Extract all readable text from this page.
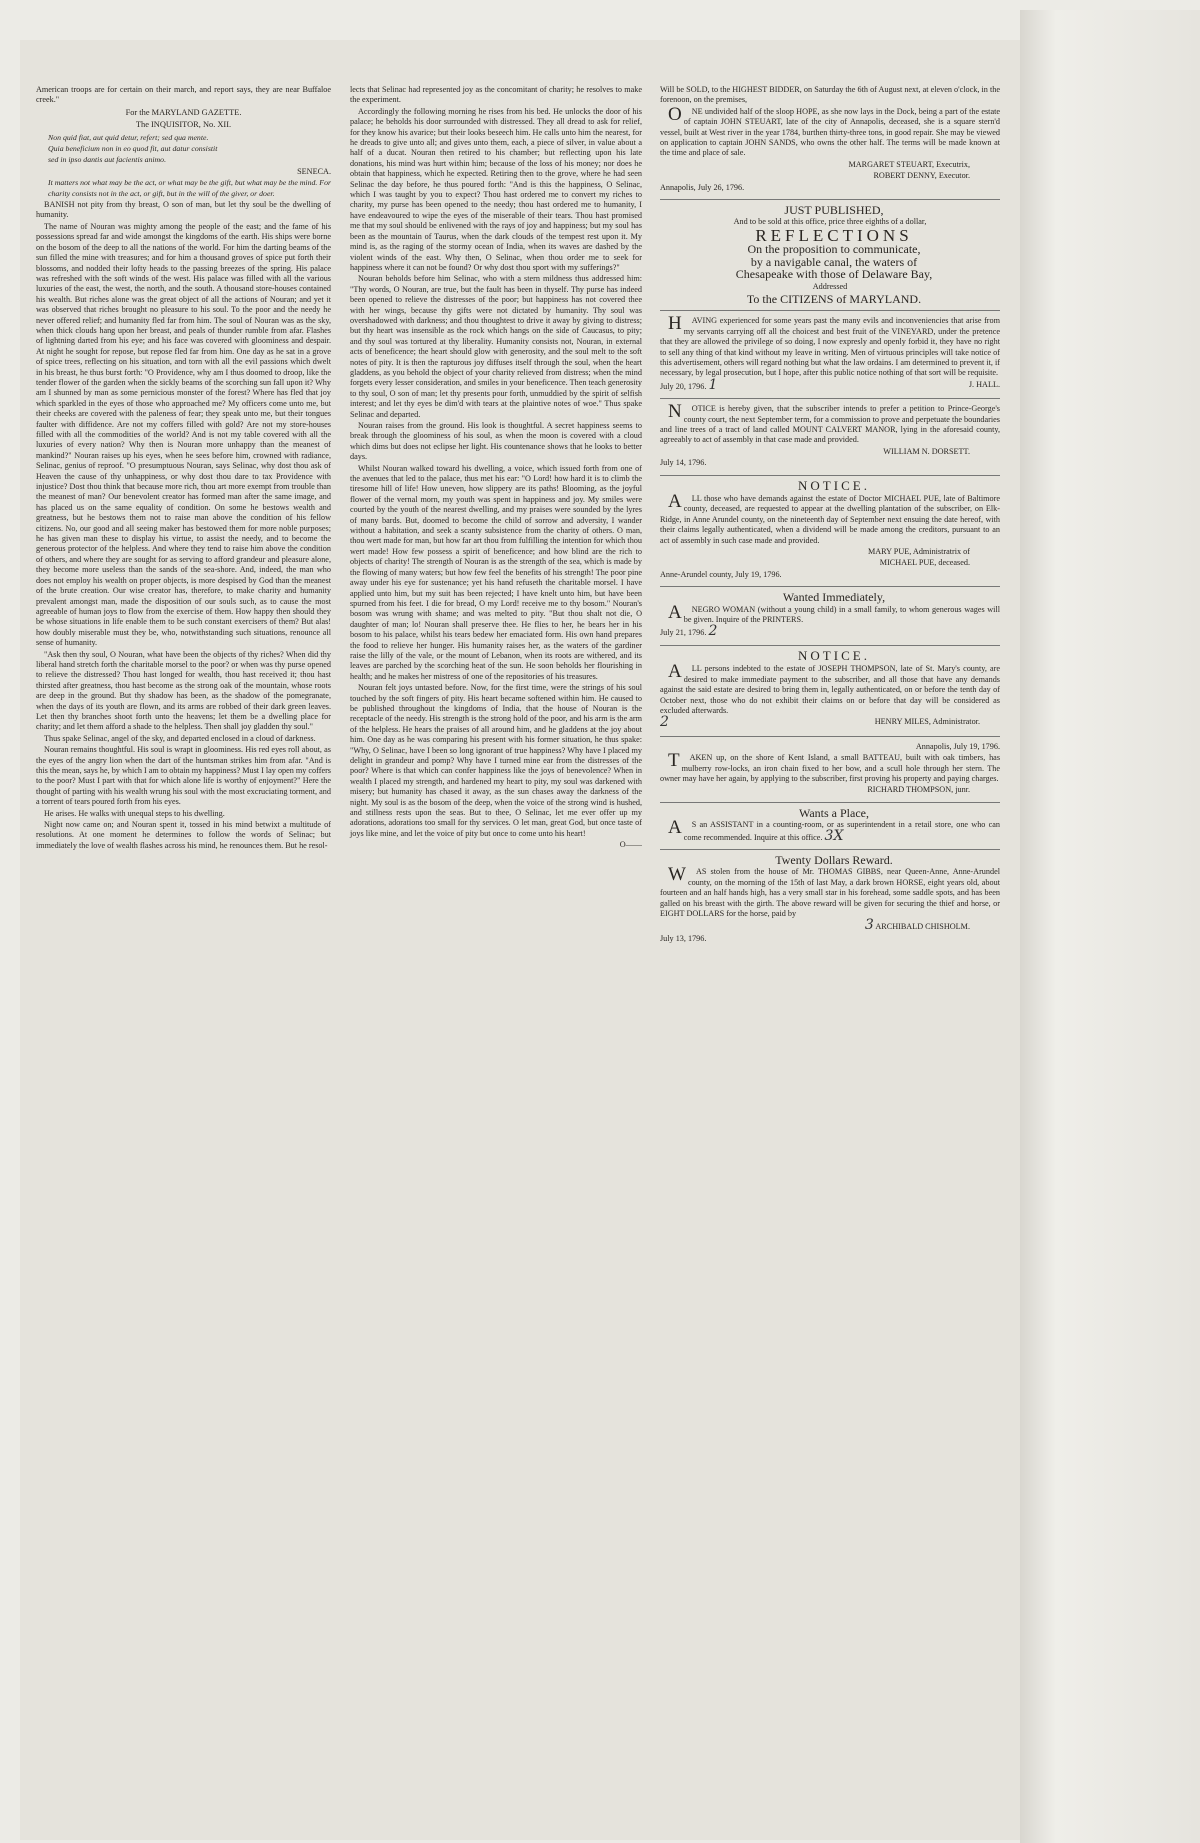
American troops are for certain on their march, and report says, they are near Buffaloe creek."

For the MARYLAND GAZETTE.
The INQUISITOR, No. XII.

Non quid fiat, aut quid detur, refert; sed qua mente.

Quia beneficium non in eo quod fit, aut datur consistit

sed in ipso dantis aut facientis animo.

SENECA.

It matters not what may be the act, or what may be the gift, but what may be the mind. For charity consists not in the act, or gift, but in the will of the giver, or doer.

BANISH not pity from thy breast, O son of man, but let thy soul be the dwelling of humanity.

The name of Nouran was mighty among the people of the east; and the fame of his possessions spread far and wide amongst the kingdoms of the earth. His ships were borne on the bosom of the deep to all the nations of the world. For him the darting beams of the sun filled the mine with treasures; and for him a thousand groves of spice put forth their blossoms, and nodded their lofty heads to the passing breezes of the spring. His palace was refreshed with the soft winds of the west. His palace was filled with all the various luxuries of the east, the west, the north, and the south. A thousand store-houses contained his wealth. But riches alone was the great object of all the actions of Nouran; and yet it was observed that riches brought no pleasure to his soul. To the poor and the needy he never offered relief; and humanity fled far from him. The soul of Nouran was as the sky, when thick clouds hang upon her breast, and peals of thunder rumble from afar. Flashes of lightning darted from his eye; and his face was covered with gloominess and despair. At night he sought for repose, but repose fled far from him. One day as he sat in a grove of spice trees, reflecting on his situation, and torn with all the evil passions which dwelt in his breast, he thus burst forth: "O Providence, why am I thus doomed to droop, like the tender flower of the garden when the sickly beams of the scorching sun fall upon it? Why am I shunned by man as some pernicious monster of the forest? Where has fled that joy which sparkled in the eyes of those who approached me? My officers come unto me, but their cheeks are covered with the paleness of fear; they speak unto me, but their tongues faulter with diffidence. Are not my coffers filled with gold? Are not my store-houses filled with all the commodities of the world? And is not my table covered with all the luxuries of every nation? Why then is Nouran more unhappy than the meanest of mankind?" Nouran raises up his eyes, when he sees before him, crowned with radiance, Selinac, genius of reproof. "O presumptuous Nouran, says Selinac, why dost thou ask of Heaven the cause of thy unhappiness, or why dost thou dare to tax Providence with injustice? Dost thou think that because more rich, thou art more exempt from trouble than the meanest of man? Our benevolent creator has formed man after the same image, and has placed us on the same equality of condition. On some he bestows wealth and greatness, but he bestows them not to raise man above the condition of his fellow citizens. No, our good and all seeing maker has bestowed them for more noble purposes; he has given man these to display his virtue, to assist the needy, and to become the generous protector of the helpless. And where they tend to raise him above the condition of others, and where they are sought for as serving to afford grandeur and pleasure alone, they become more useless than the sands of the sea-shore. And, indeed, the man who does not employ his wealth on proper objects, is more despised by God than the meanest of the brute creation. Our wise creator has, therefore, to make charity and humanity prevalent amongst man, made the disposition of our souls such, as to cause the most agreeable of human joys to flow from the exercise of them. How happy then should they be whose situations in life enable them to be such constant exercisers of them? But alas! how doubly miserable must they be, who, notwithstanding such situations, renounce all sense of humanity.

"Ask then thy soul, O Nouran, what have been the objects of thy riches? When did thy liberal hand stretch forth the charitable morsel to the poor? or when was thy purse opened to relieve the distressed? Thou hast longed for wealth, thou hast received it; thou hast thirsted after greatness, thou hast become as the strong oak of the mountain, whose roots are deep in the ground. But thy shadow has been, as the shadow of the pomegranate, when the days of its youth are flown, and its arms are robbed of their dark green leaves. Let then thy branches shoot forth unto the heavens; let them be a dwelling place for charity; and let them afford a shade to the helpless. Then shall joy gladden thy soul."

Thus spake Selinac, angel of the sky, and departed enclosed in a cloud of darkness.

Nouran remains thoughtful. His soul is wrapt in gloominess. His red eyes roll about, as the eyes of the angry lion when the dart of the huntsman strikes him from afar. "And is this the mean, says he, by which I am to obtain my happiness? Must I lay open my coffers to the poor? Must I part with that for which alone life is worthy of enjoyment?" Here the thought of parting with his wealth wrung his soul with the most excruciating torment, and a torrent of tears poured forth from his eyes.

He arises. He walks with unequal steps to his dwelling.

Night now came on; and Nouran spent it, tossed in his mind betwixt a multitude of resolutions. At one moment he determines to follow the words of Selinac; but immediately the love of wealth flashes across his mind, he renounces them. But he resol-

lects that Selinac had represented joy as the concomitant of charity; he resolves to make the experiment.

Accordingly the following morning he rises from his bed. He unlocks the door of his palace; he beholds his door surrounded with distressed. They all dread to ask for relief, for they know his avarice; but their looks beseech him. He calls unto him the nearest, for he dreads to give unto all; and gives unto them, each, a piece of silver, in value about a half of a ducat. Nouran then retired to his chamber; but reflecting upon his late donations, his mind was hurt within him; because of the loss of his money; nor does he obtain that happiness, which he expected. Retiring then to the grove, where he had seen Selinac the day before, he thus poured forth: "And is this the happiness, O Selinac, which I was taught by you to expect? Thou hast ordered me to convert my riches to charity, my purse has been opened to the needy; thou hast ordered me to humanity, I have endeavoured to wipe the eyes of the miserable of their tears. Thou hast promised me that my soul should be enlivened with the rays of joy and happiness; but my soul has been as the mountain of Taurus, when the dark clouds of the tempest rest upon it. My mind is, as the raging of the stormy ocean of India, when its waves are dashed by the violent winds of the east. Why then, O Selinac, when thou order me to seek for happiness where it can not be found? Or why dost thou sport with my sufferings?"

Nouran beholds before him Selinac, who with a stern mildness thus addressed him: "Thy words, O Nouran, are true, but the fault has been in thyself. Thy purse has indeed been opened to relieve the distresses of the poor; but happiness has not covered thee with her wings, because thy gifts were not dictated by humanity. Thy soul was overshadowed with darkness; and thou thoughtest to drive it away by giving to distress; but thy heart was insensible as the rock which hangs on the side of Caucasus, to pity; and thy soul was tortured at thy liberality. Humanity consists not, Nouran, in external acts of beneficence; the heart should glow with generosity, and the soul melt to the soft notes of pity. It is then the rapturous joy diffuses itself through the soul, when the heart gladdens, as you behold the object of your charity relieved from distress; when the mind forgets every lesser consideration, and smiles in your beneficence. Then teach generosity to thy soul, O son of man; let thy presents pour forth, unmuddied by the spirit of selfish interest; and let thy eyes be dim'd with tears at the plaintive notes of woe." Thus spake Selinac and departed.

Nouran raises from the ground. His look is thoughtful. A secret happiness seems to break through the gloominess of his soul, as when the moon is covered with a cloud which dims but does not eclipse her light. His countenance shows that he looks to better days.

Whilst Nouran walked toward his dwelling, a voice, which issued forth from one of the avenues that led to the palace, thus met his ear: "O Lord! how hard it is to climb the tiresome hill of life! How uneven, how slippery are its paths! Blooming, as the joyful flower of the vernal morn, my youth was spent in happiness and joy. My smiles were courted by the youth of the nearest dwelling, and my praises were sounded by the lyres of many bards. But, doomed to become the child of sorrow and adversity, I wander without a habitation, and seek a scanty subsistence from the charity of others. O man, thou wert made for man, but how far art thou from fulfilling the intention for which thou wert made! How few possess a spirit of beneficence; and how blind are the rich to objects of charity! The strength of Nouran is as the strength of the sea, which is made by the flowing of many waters; but how few feel the benefits of his strength! The poor pine away under his eye for sustenance; yet his hand refuseth the charitable morsel. I have applied unto him, but my suit has been rejected; I have knelt unto him, but have been spurned from his feet. I die for bread, O my Lord! receive me to thy bosom." Nouran's bosom was wrung with shame; and was melted to pity. "But thou shalt not die, O daughter of man; lo! Nouran shall preserve thee. He flies to her, he bears her in his bosom to his palace, whilst his tears bedew her emaciated form. His own hand prepares the food to relieve her hunger. His humanity raises her, as the waters of the gardiner raise the lilly of the vale, or the mount of Lebanon, when its roots are withered, and its leaves are parched by the scorching heat of the sun. He soon beholds her flourishing in health; and he makes her mistress of one of the repositories of his treasures.

Nouran felt joys untasted before. Now, for the first time, were the strings of his soul touched by the soft fingers of pity. His heart became softened within him. He caused to be published throughout the kingdoms of India, that the house of Nouran is the receptacle of the needy. His strength is the strong hold of the poor, and his arm is the arm of the helpless. He hears the praises of all around him, and he gladdens at the joy about him. One day as he was comparing his present with his former situation, he thus spake: "Why, O Selinac, have I been so long ignorant of true happiness? Why have I placed my delight in grandeur and pomp? Why have I turned mine ear from the distresses of the poor? Where is that which can confer happiness like the joys of benevolence? When in wealth I placed my strength, and hardened my heart to pity, my soul was darkened with misery; but humanity has chased it away, as the sun chases away the darkness of the night. My soul is as the bosom of the deep, when the voice of the strong wind is hushed, and stillness rests upon the seas. But to thee, O Selinac, let me ever offer up my adorations, adorations too small for thy services. O let man, great God, but once taste of joys like mine, and let the voice of pity but once to come unto his heart!

O——

Will be SOLD, to the HIGHEST BIDDER, on Saturday the 6th of August next, at eleven o'clock, in the forenoon, on the premises,

ONE undivided half of the sloop HOPE, as she now lays in the Dock, being a part of the estate of captain JOHN STEUART, late of the city of Annapolis, deceased, she is a square stern'd vessel, built at West river in the year 1784, burthen thirty-three tons, in good repair. She may be viewed on application to captain JOHN SANDS, who owns the other half. The terms will be made known at the time and place of sale.

MARGARET STEUART, Executrix,

ROBERT DENNY, Executor.

Annapolis, July 26, 1796.

JUST PUBLISHED,

And to be sold at this office, price three eighths of a dollar,

REFLECTIONS

On the proposition to communicate,

by a navigable canal, the waters of

Chesapeake with those of Delaware Bay,

Addressed

To the CITIZENS of MARYLAND.

HAVING experienced for some years past the many evils and inconveniencies that arise from my servants carrying off all the choicest and best fruit of the VINEYARD, under the pretence that they are allowed the privilege of so doing, I now expresly and openly forbid it, they have no right to sell any thing of that kind without my leave in writing. Men of virtuous principles will take notice of this advertisement, others will regard nothing but what the law ordains. I am determined to prevent it, if necessary, by legal prosecution, but I hope, after this public notice nothing of that sort will be requisite.

July 20, 1796. 1	J. HALL.

NOTICE is hereby given, that the subscriber intends to prefer a petition to Prince-George's county court, the next September term, for a commission to prove and perpetuate the boundaries and line trees of a tract of land called MOUNT CALVERT MANOR, lying in the aforesaid county, agreeably to act of assembly in that case made and provided.

WILLIAM N. DORSETT.

July 14, 1796.

NOTICE.

ALL those who have demands against the estate of Doctor MICHAEL PUE, late of Baltimore county, deceased, are requested to appear at the dwelling plantation of the subscriber, on Elk-Ridge, in Anne Arundel county, on the nineteenth day of September next ensuing the date hereof, with their claims legally authenticated, when a dividend will be made among the creditors, pursuant to an act of assembly in such case made and provided.

MARY PUE, Administratrix of

MICHAEL PUE, deceased.

Anne-Arundel county, July 19, 1796.

Wanted Immediately,

ANEGRO WOMAN (without a young child) in a small family, to whom generous wages will be given. Inquire of the PRINTERS.

July 21, 1796. 2

NOTICE.

ALL persons indebted to the estate of JOSEPH THOMPSON, late of St. Mary's county, are desired to make immediate payment to the subscriber, and all those that have any demands against the said estate are desired to bring them in, legally authenticated, on or before the tenth day of October next, those who do not exhibit their claims on or before that day will be considered as excluded afterwards.

2	HENRY MILES, Administrator.

Annapolis, July 19, 1796.

TAKEN up, on the shore of Kent Island, a small BATTEAU, built with oak timbers, has mulberry row-locks, an iron chain fixed to her bow, and a scull hole through her stern. The owner may have her again, by applying to the subscriber, first proving his property and paying charges.

RICHARD THOMPSON, junr.

Wants a Place,

AS an ASSISTANT in a counting-room, or as superintendent in a retail store, one who can come recommended. Inquire at this office. 3X

Twenty Dollars Reward.

WAS stolen from the house of Mr. THOMAS GIBBS, near Queen-Anne, Anne-Arundel county, on the morning of the 15th of last May, a dark brown HORSE, eight years old, about fourteen and an half hands high, has a very small star in his forehead, some saddle spots, and has been galled on his breast with the girth. The above reward will be given for securing the thief and horse, or EIGHT DOLLARS for the horse, paid by

3 ARCHIBALD CHISHOLM.

July 13, 1796.
